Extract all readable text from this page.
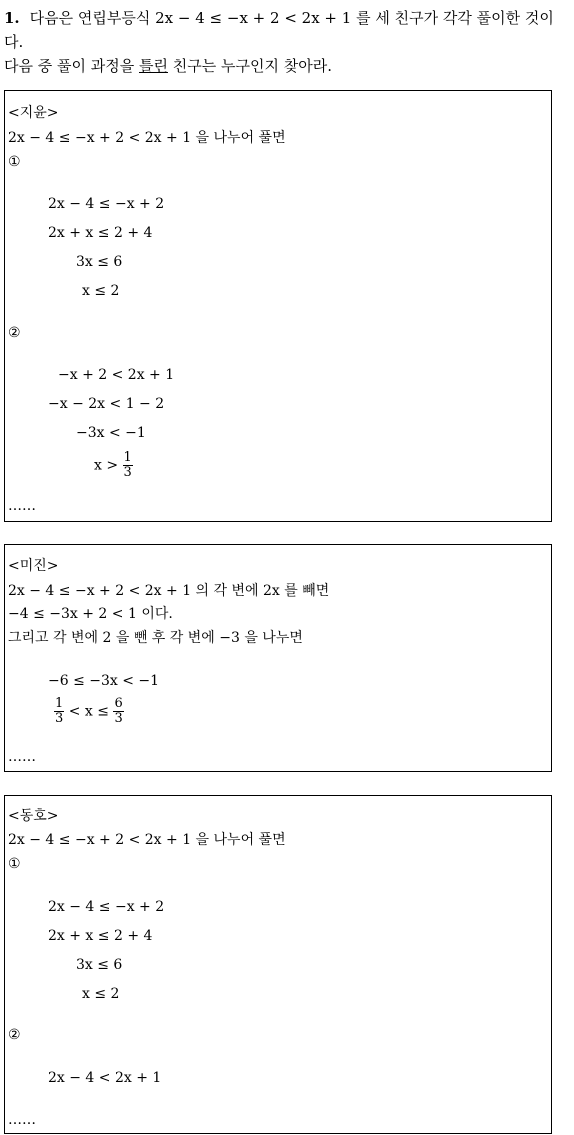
1. 다음은 연립부등식 2x − 4 ≤ −x + 2 < 2x + 1 를 세 친구가 각각 풀이한 것이다.
다음 중 풀이 과정을 틀린 친구는 누구인지 찾아라.
<지윤>
2x − 4 ≤ −x + 2 < 2x + 1 을 나누어 풀면
①
2x − 4 ≤ −x + 2
2x + x ≤ 2 + 4
3x ≤ 6
x ≤ 2
②
−x + 2 < 2x + 1
−x − 2x < 1 − 2
−3x < −1
$x > \frac{1}{3}$
……
<미진>
2x − 4 ≤ −x + 2 < 2x + 1 의 각 변에 2x 를 빼면
−4 ≤ −3x + 2 < 1 이다.
그리고 각 변에 2 을 뺀 후 각 변에 −3 을 나누면
−6 ≤ −3x < −1
$\frac{1}{3} < x \le \frac{6}{3}$
……
<동호>
2x − 4 ≤ −x + 2 < 2x + 1 을 나누어 풀면
①
2x − 4 ≤ −x + 2
2x + x ≤ 2 + 4
3x ≤ 6
x ≤ 2
②
2x − 4 < 2x + 1
……
